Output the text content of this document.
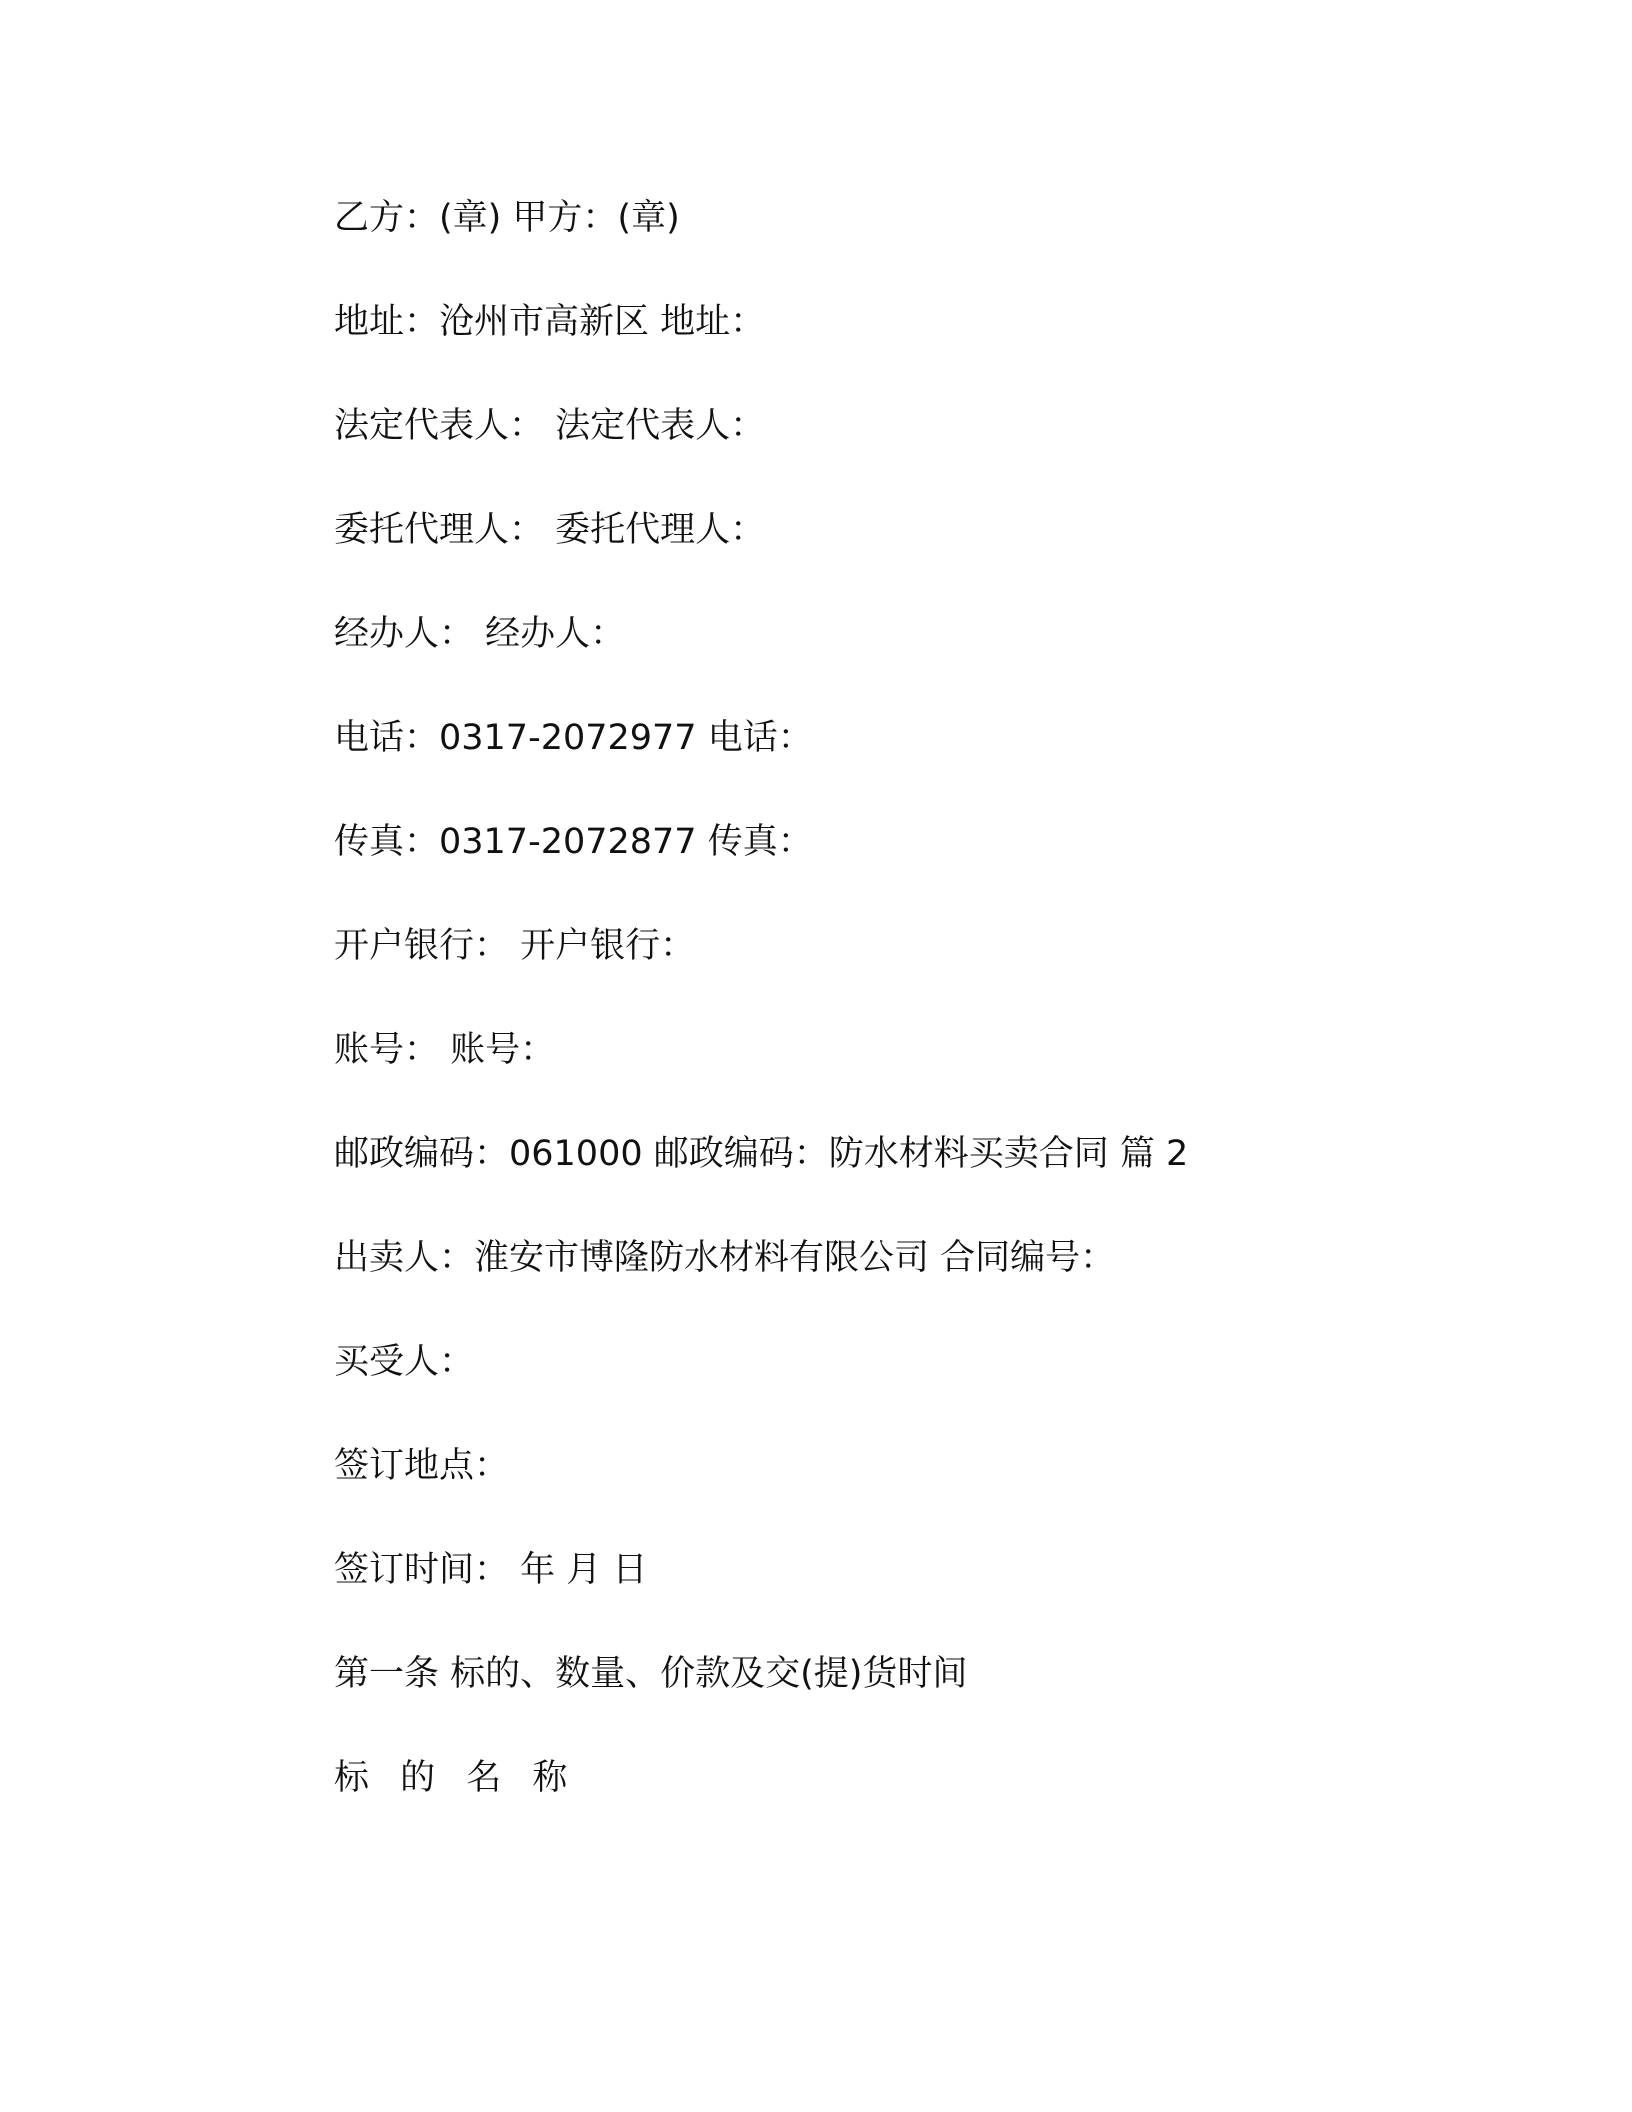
乙方：(章) 甲方：(章)
地址：沧州市高新区 地址：
法定代表人： 法定代表人：
委托代理人： 委托代理人：
经办人： 经办人：
电话：0317-2072977 电话：
传真：0317-2072877 传真：
开户银行： 开户银行：
账号： 账号：
邮政编码：061000 邮政编码：防水材料买卖合同 篇 2
出卖人：淮安市博隆防水材料有限公司 合同编号：
买受人：
签订地点：
签订时间： 年 月 日
第一条 标的、数量、价款及交(提)货时间
标 的 名 称
